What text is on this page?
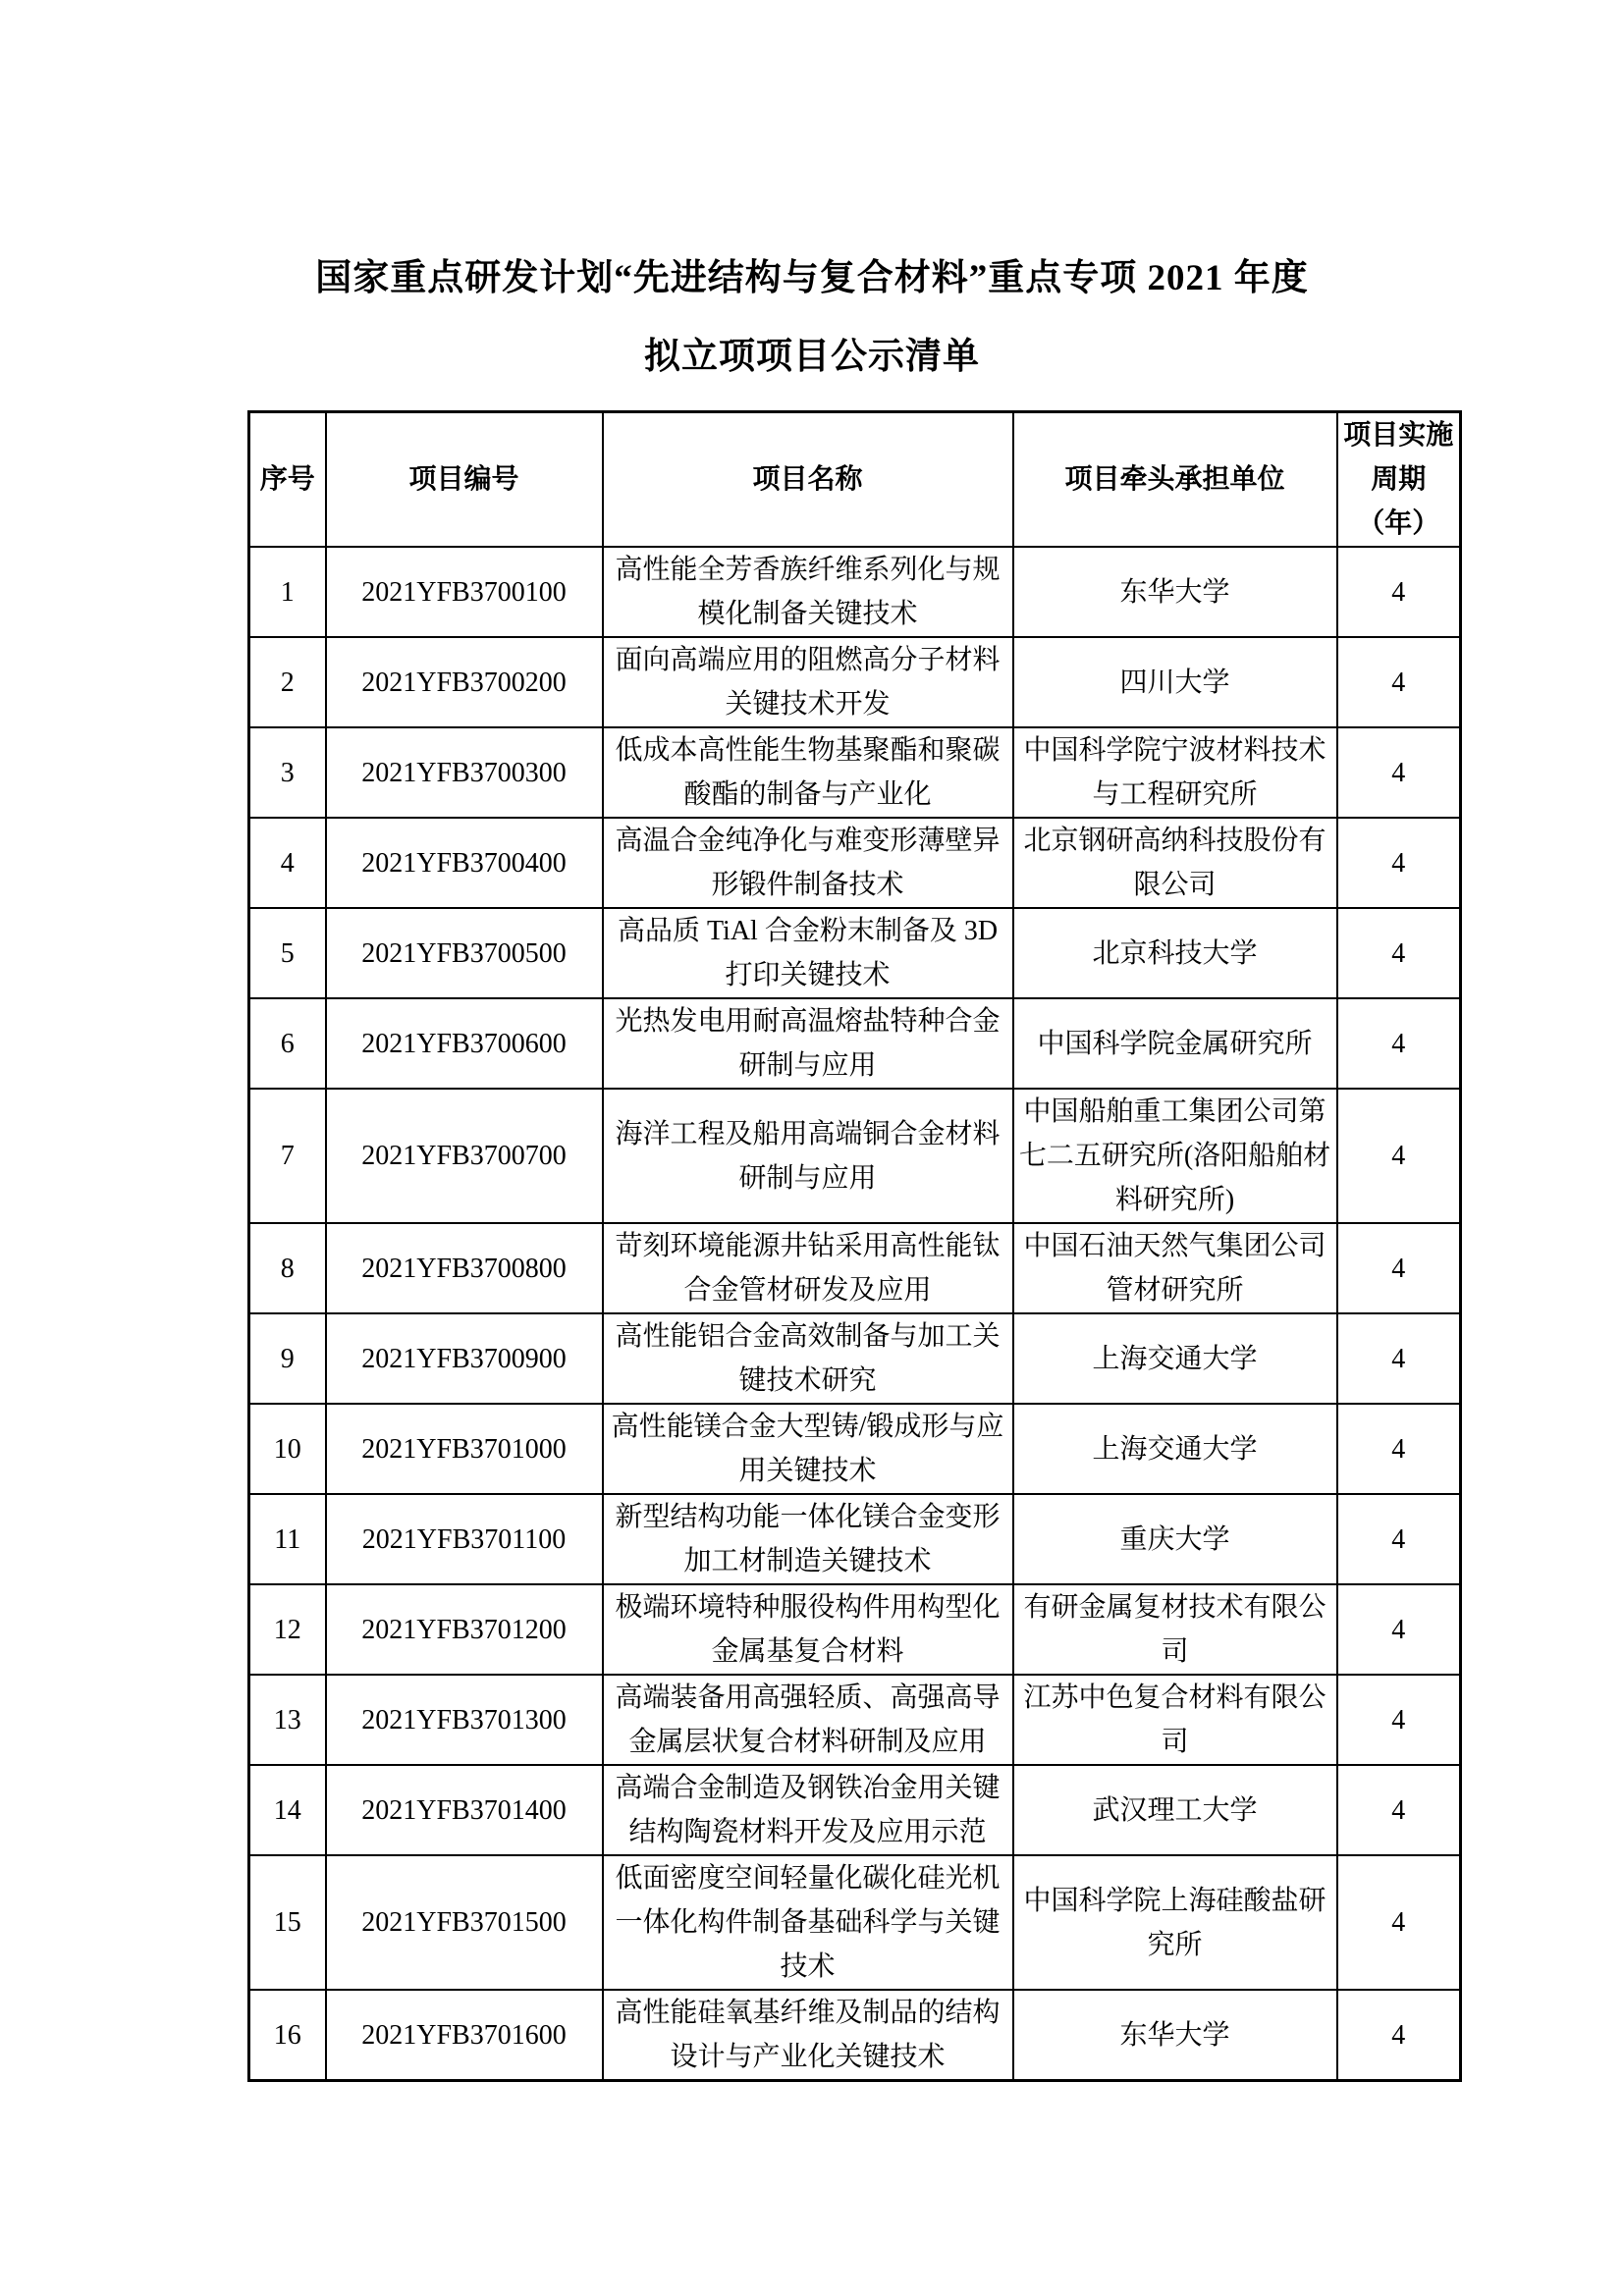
国家重点研发计划“先进结构与复合材料”重点专项 2021 年度
拟立项项目公示清单
序号	项目编号	项目名称	项目牵头承担单位	项目实施
周期
（年）

1	2021YFB3700100	高性能全芳香族纤维系列化与规模化制备关键技术	东华大学	4
2	2021YFB3700200	面向高端应用的阻燃高分子材料关键技术开发	四川大学	4
3	2021YFB3700300	低成本高性能生物基聚酯和聚碳酸酯的制备与产业化	中国科学院宁波材料技术与工程研究所	4
4	2021YFB3700400	高温合金纯净化与难变形薄壁异形锻件制备技术	北京钢研高纳科技股份有限公司	4
5	2021YFB3700500	高品质 TiAl 合金粉末制备及 3D 打印关键技术	北京科技大学	4
6	2021YFB3700600	光热发电用耐高温熔盐特种合金研制与应用	中国科学院金属研究所	4
7	2021YFB3700700	海洋工程及船用高端铜合金材料研制与应用	中国船舶重工集团公司第七二五研究所(洛阳船舶材料研究所)	4
8	2021YFB3700800	苛刻环境能源井钻采用高性能钛合金管材研发及应用	中国石油天然气集团公司管材研究所	4
9	2021YFB3700900	高性能铝合金高效制备与加工关键技术研究	上海交通大学	4
10	2021YFB3701000	高性能镁合金大型铸/锻成形与应用关键技术	上海交通大学	4
11	2021YFB3701100	新型结构功能一体化镁合金变形加工材制造关键技术	重庆大学	4
12	2021YFB3701200	极端环境特种服役构件用构型化金属基复合材料	有研金属复材技术有限公司	4
13	2021YFB3701300	高端装备用高强轻质、高强高导金属层状复合材料研制及应用	江苏中色复合材料有限公司	4
14	2021YFB3701400	高端合金制造及钢铁冶金用关键结构陶瓷材料开发及应用示范	武汉理工大学	4
15	2021YFB3701500	低面密度空间轻量化碳化硅光机一体化构件制备基础科学与关键技术	中国科学院上海硅酸盐研究所	4
16	2021YFB3701600	高性能硅氧基纤维及制品的结构设计与产业化关键技术	东华大学	4
